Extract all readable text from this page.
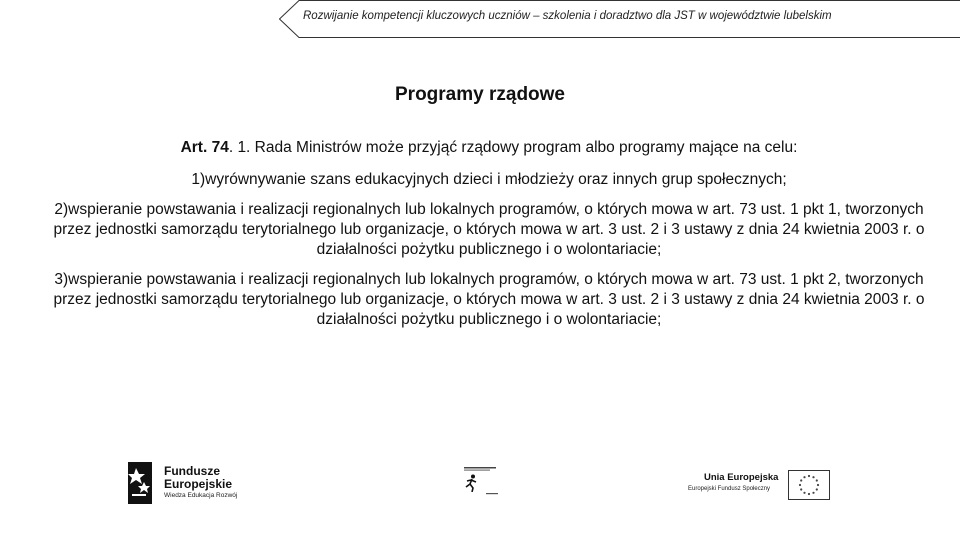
Rozwijanie kompetencji kluczowych uczniów – szkolenia i doradztwo dla JST w województwie lubelskim
Programy rządowe

Art. 74. 1. Rada Ministrów może przyjąć rządowy program albo programy mające na celu:

1)wyrównywanie szans edukacyjnych dzieci i młodzieży oraz innych grup społecznych;

2)wspieranie powstawania i realizacji regionalnych lub lokalnych programów, o których mowa w art. 73 ust. 1 pkt 1, tworzonych przez jednostki samorządu terytorialnego lub organizacje, o których mowa w art. 3 ust. 2 i 3 ustawy z dnia 24 kwietnia 2003 r. o działalności pożytku publicznego i o wolontariacie;

3)wspieranie powstawania i realizacji regionalnych lub lokalnych programów, o których mowa w art. 73 ust. 1 pkt 2, tworzonych przez jednostki samorządu terytorialnego lub organizacje, o których mowa w art. 3 ust. 2 i 3 ustawy z dnia 24 kwietnia 2003 r. o działalności pożytku publicznego i o wolontariacie;

Fundusze
Europejskie
Wiedza Edukacja Rozwój
Unia Europejska
Europejski Fundusz Społeczny
